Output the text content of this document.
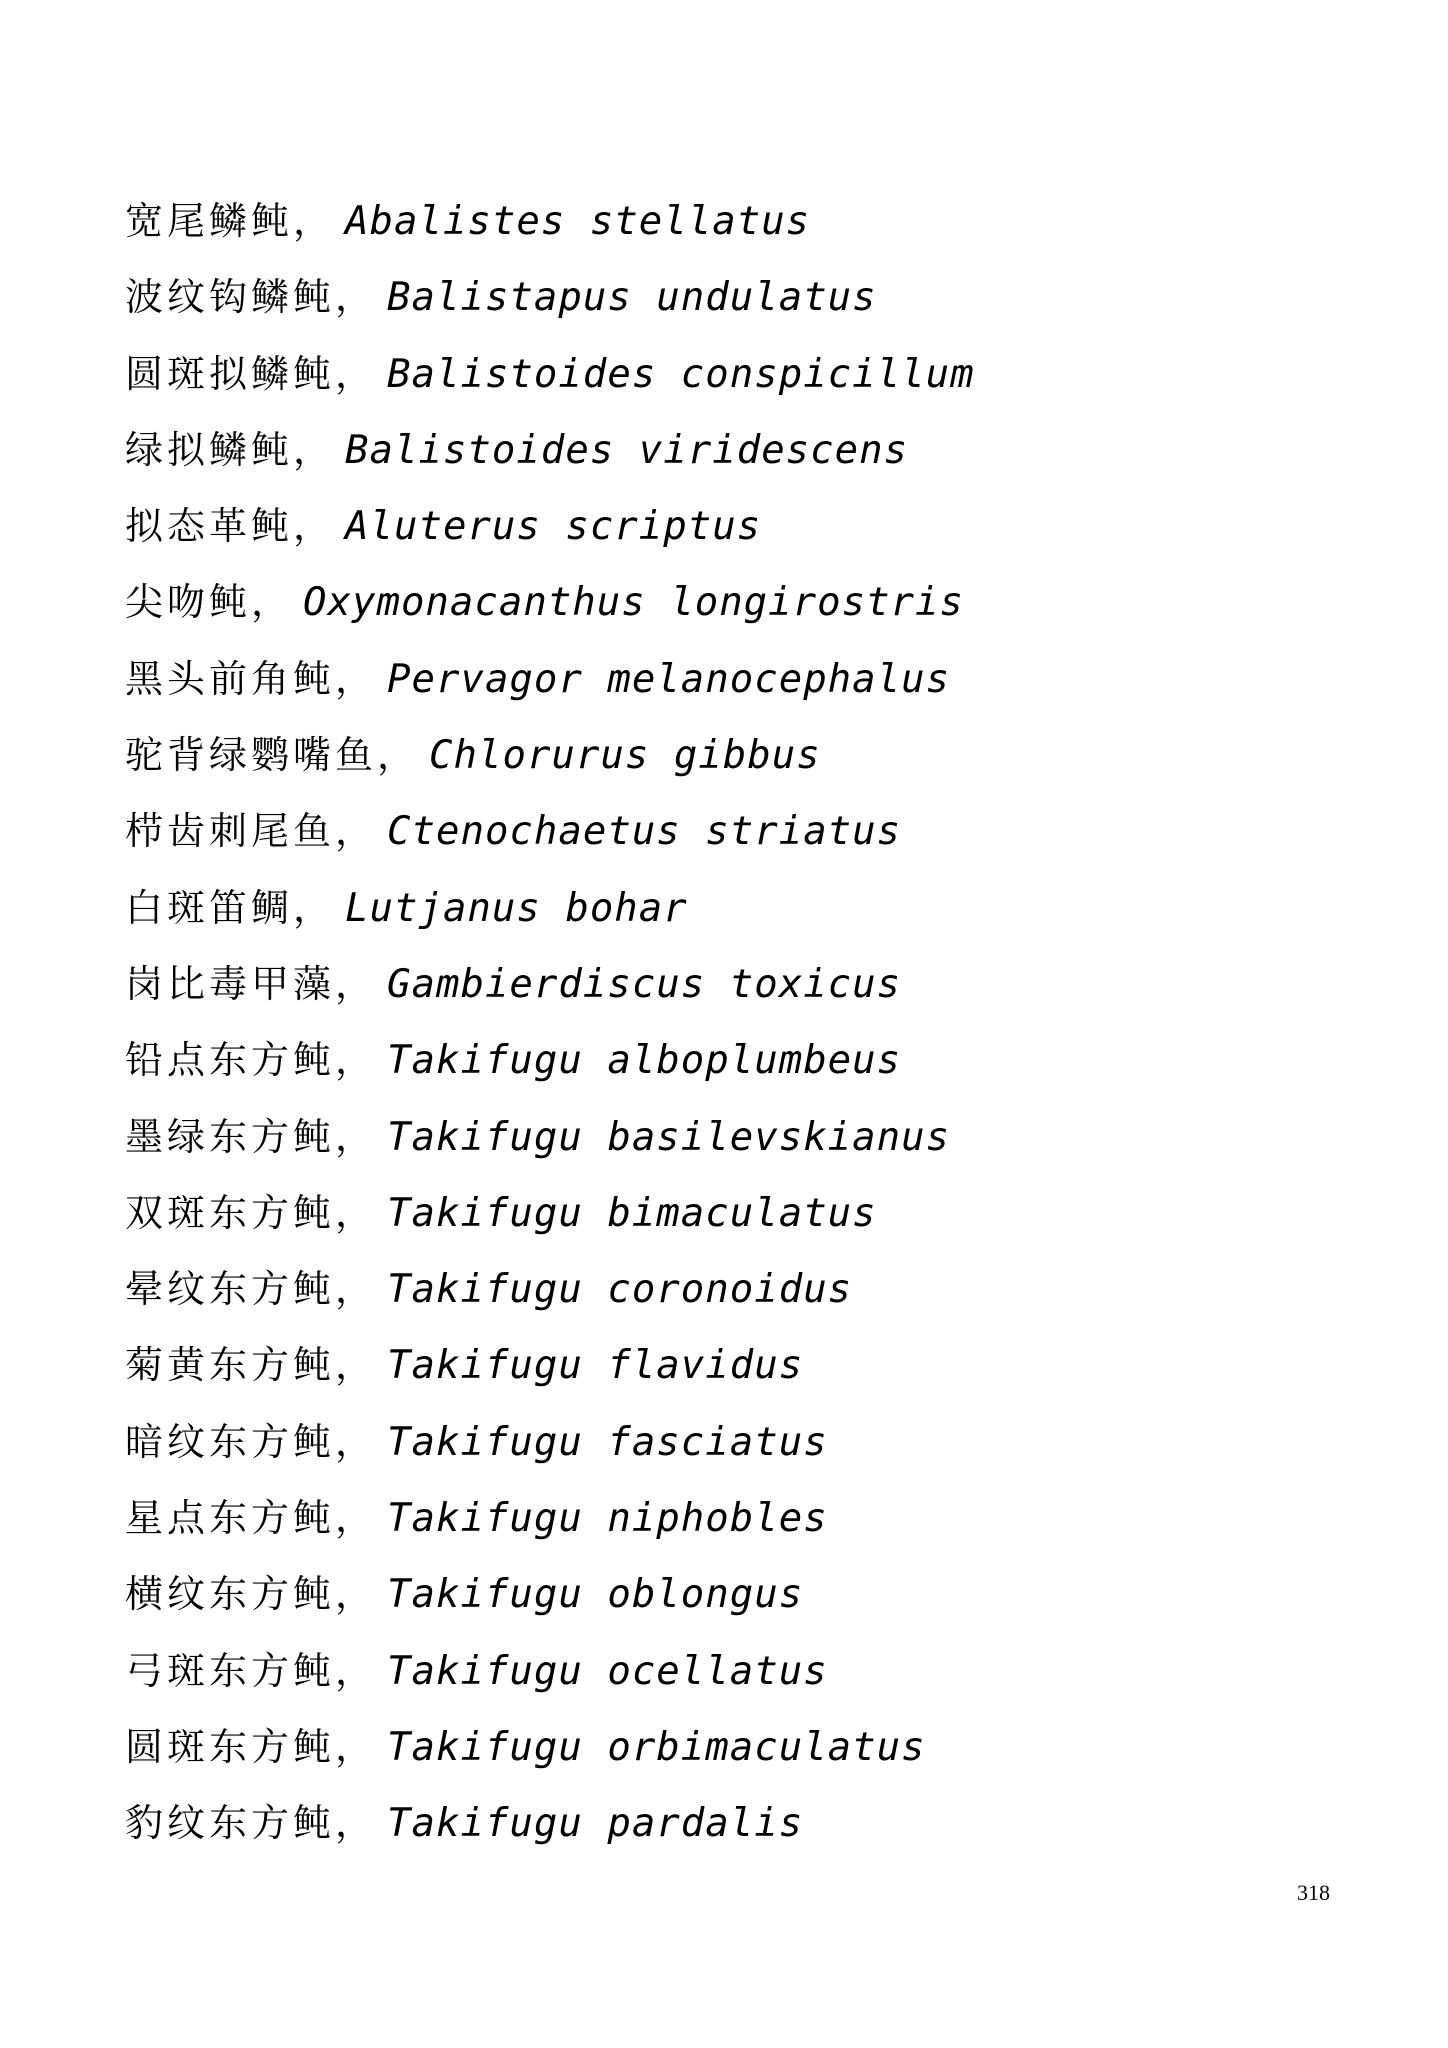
宽尾鳞鲀， Abalistes stellatus
波纹钩鳞鲀， Balistapus undulatus
圆斑拟鳞鲀， Balistoides conspicillum
绿拟鳞鲀， Balistoides viridescens
拟态革鲀， Aluterus scriptus
尖吻鲀， Oxymonacanthus longirostris
黑头前角鲀， Pervagor melanocephalus
驼背绿鹦嘴鱼， Chlorurus gibbus
栉齿刺尾鱼， Ctenochaetus striatus
白斑笛鲷， Lutjanus bohar
岗比毒甲藻， Gambierdiscus toxicus
铅点东方鲀， Takifugu alboplumbeus
墨绿东方鲀， Takifugu basilevskianus
双斑东方鲀， Takifugu bimaculatus
晕纹东方鲀， Takifugu coronoidus
菊黄东方鲀， Takifugu flavidus
暗纹东方鲀， Takifugu fasciatus
星点东方鲀， Takifugu niphobles
横纹东方鲀， Takifugu oblongus
弓斑东方鲀， Takifugu ocellatus
圆斑东方鲀， Takifugu orbimaculatus
豹纹东方鲀， Takifugu pardalis
318
